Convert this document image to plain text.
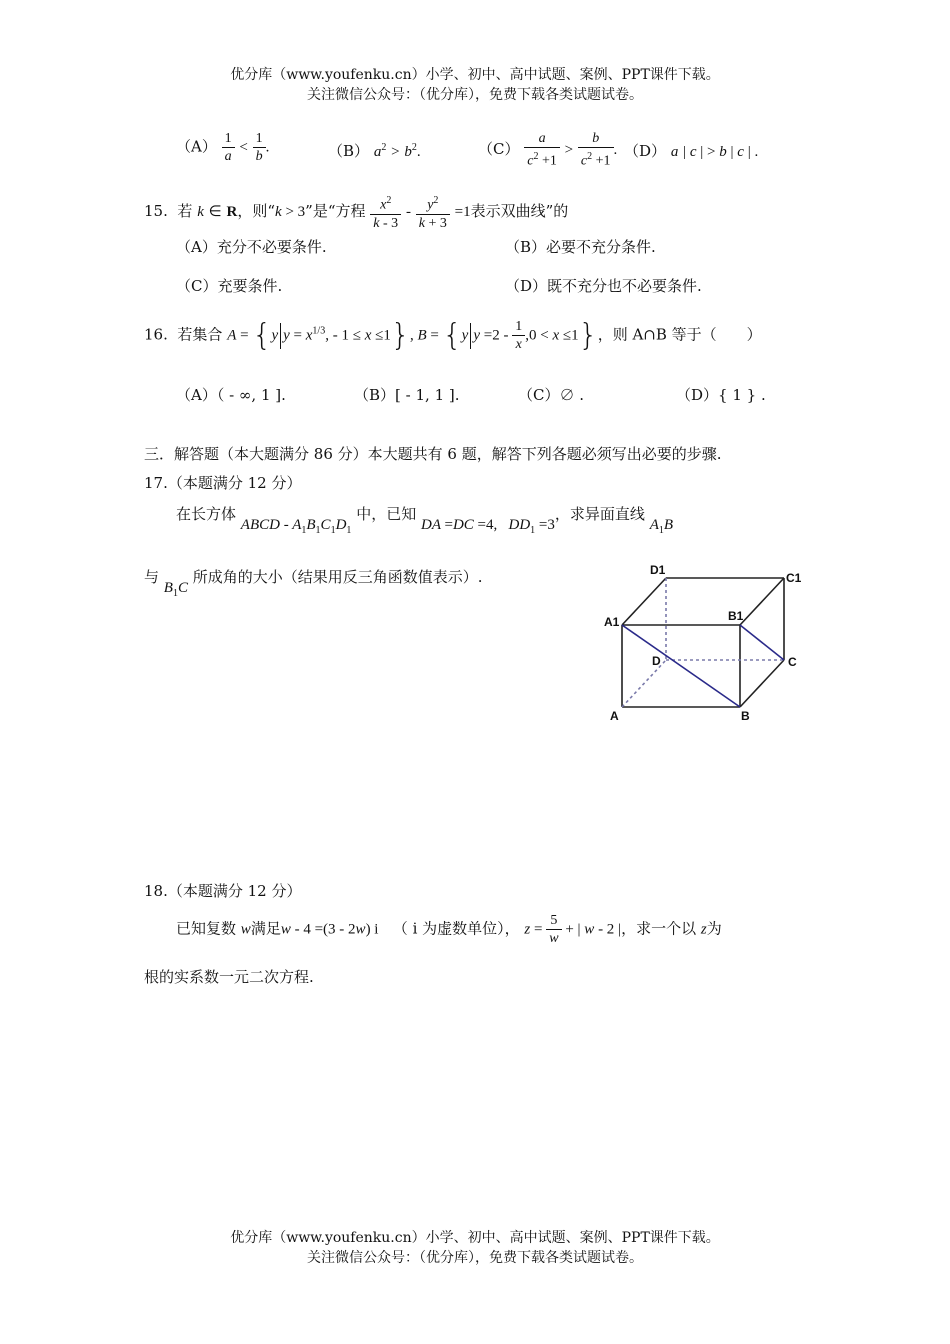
优分库（www.youfenku.cn）小学、初中、高中试题、案例、PPT课件下载。
关注微信公众号：（优分库），免费下载各类试题试卷。
$(A) \frac{1}{a} < \frac{1}{b}$ .	（B） $a^2 > b^2$.	$(C) \frac{a}{c^2 +1} > \frac{b}{c^2 +1}$ . （D） a | c | > b | c | .
15. 若 k ∈ R，则“k > 3”是“方程 $\frac{x^2}{k - 3} - \frac{y^2}{k + 3} =1$表示双曲线”的
（A）充分不必要条件.	（B）必要不充分条件.
（C）充要条件.	（D）既不充分也不必要条件.
16. 若集合 A = {y $y = x^{1/3}$, - 1 ≤ x ≤1}, B = {y $y =2 - \frac{1}{x} ,0 < x \le 1$}，则 A∩B 等于（　　）
（A）（ - ∞, 1 ].	（B）[ - 1, 1 ].	（C）∅ .	（D）{ 1 } .
三．解答题（本大题满分 86 分）本大题共有 6 题，解答下列各题必须写出必要的步骤.
17.（本题满分 12 分）
在长方体 ABCD - $A_1B_1C_1D_1$ 中，已知 DA =DC =4,   $DD_1 =3$，求异面直线 $A_1B$
与 $B_1C$ 所成角的大小（结果用反三角函数值表示）.	D1
C1
A1	B1
D	C
A	B
18.（本题满分 12 分）
已知复数 w满足w - 4 =(3 - 2w) i （ i 为虚数单位）， $z = \frac{5}{w}$ + | w - 2 |，求一个以 z为
根的实系数一元二次方程.
优分库（www.youfenku.cn）小学、初中、高中试题、案例、PPT课件下载。
关注微信公众号：（优分库），免费下载各类试题试卷。
